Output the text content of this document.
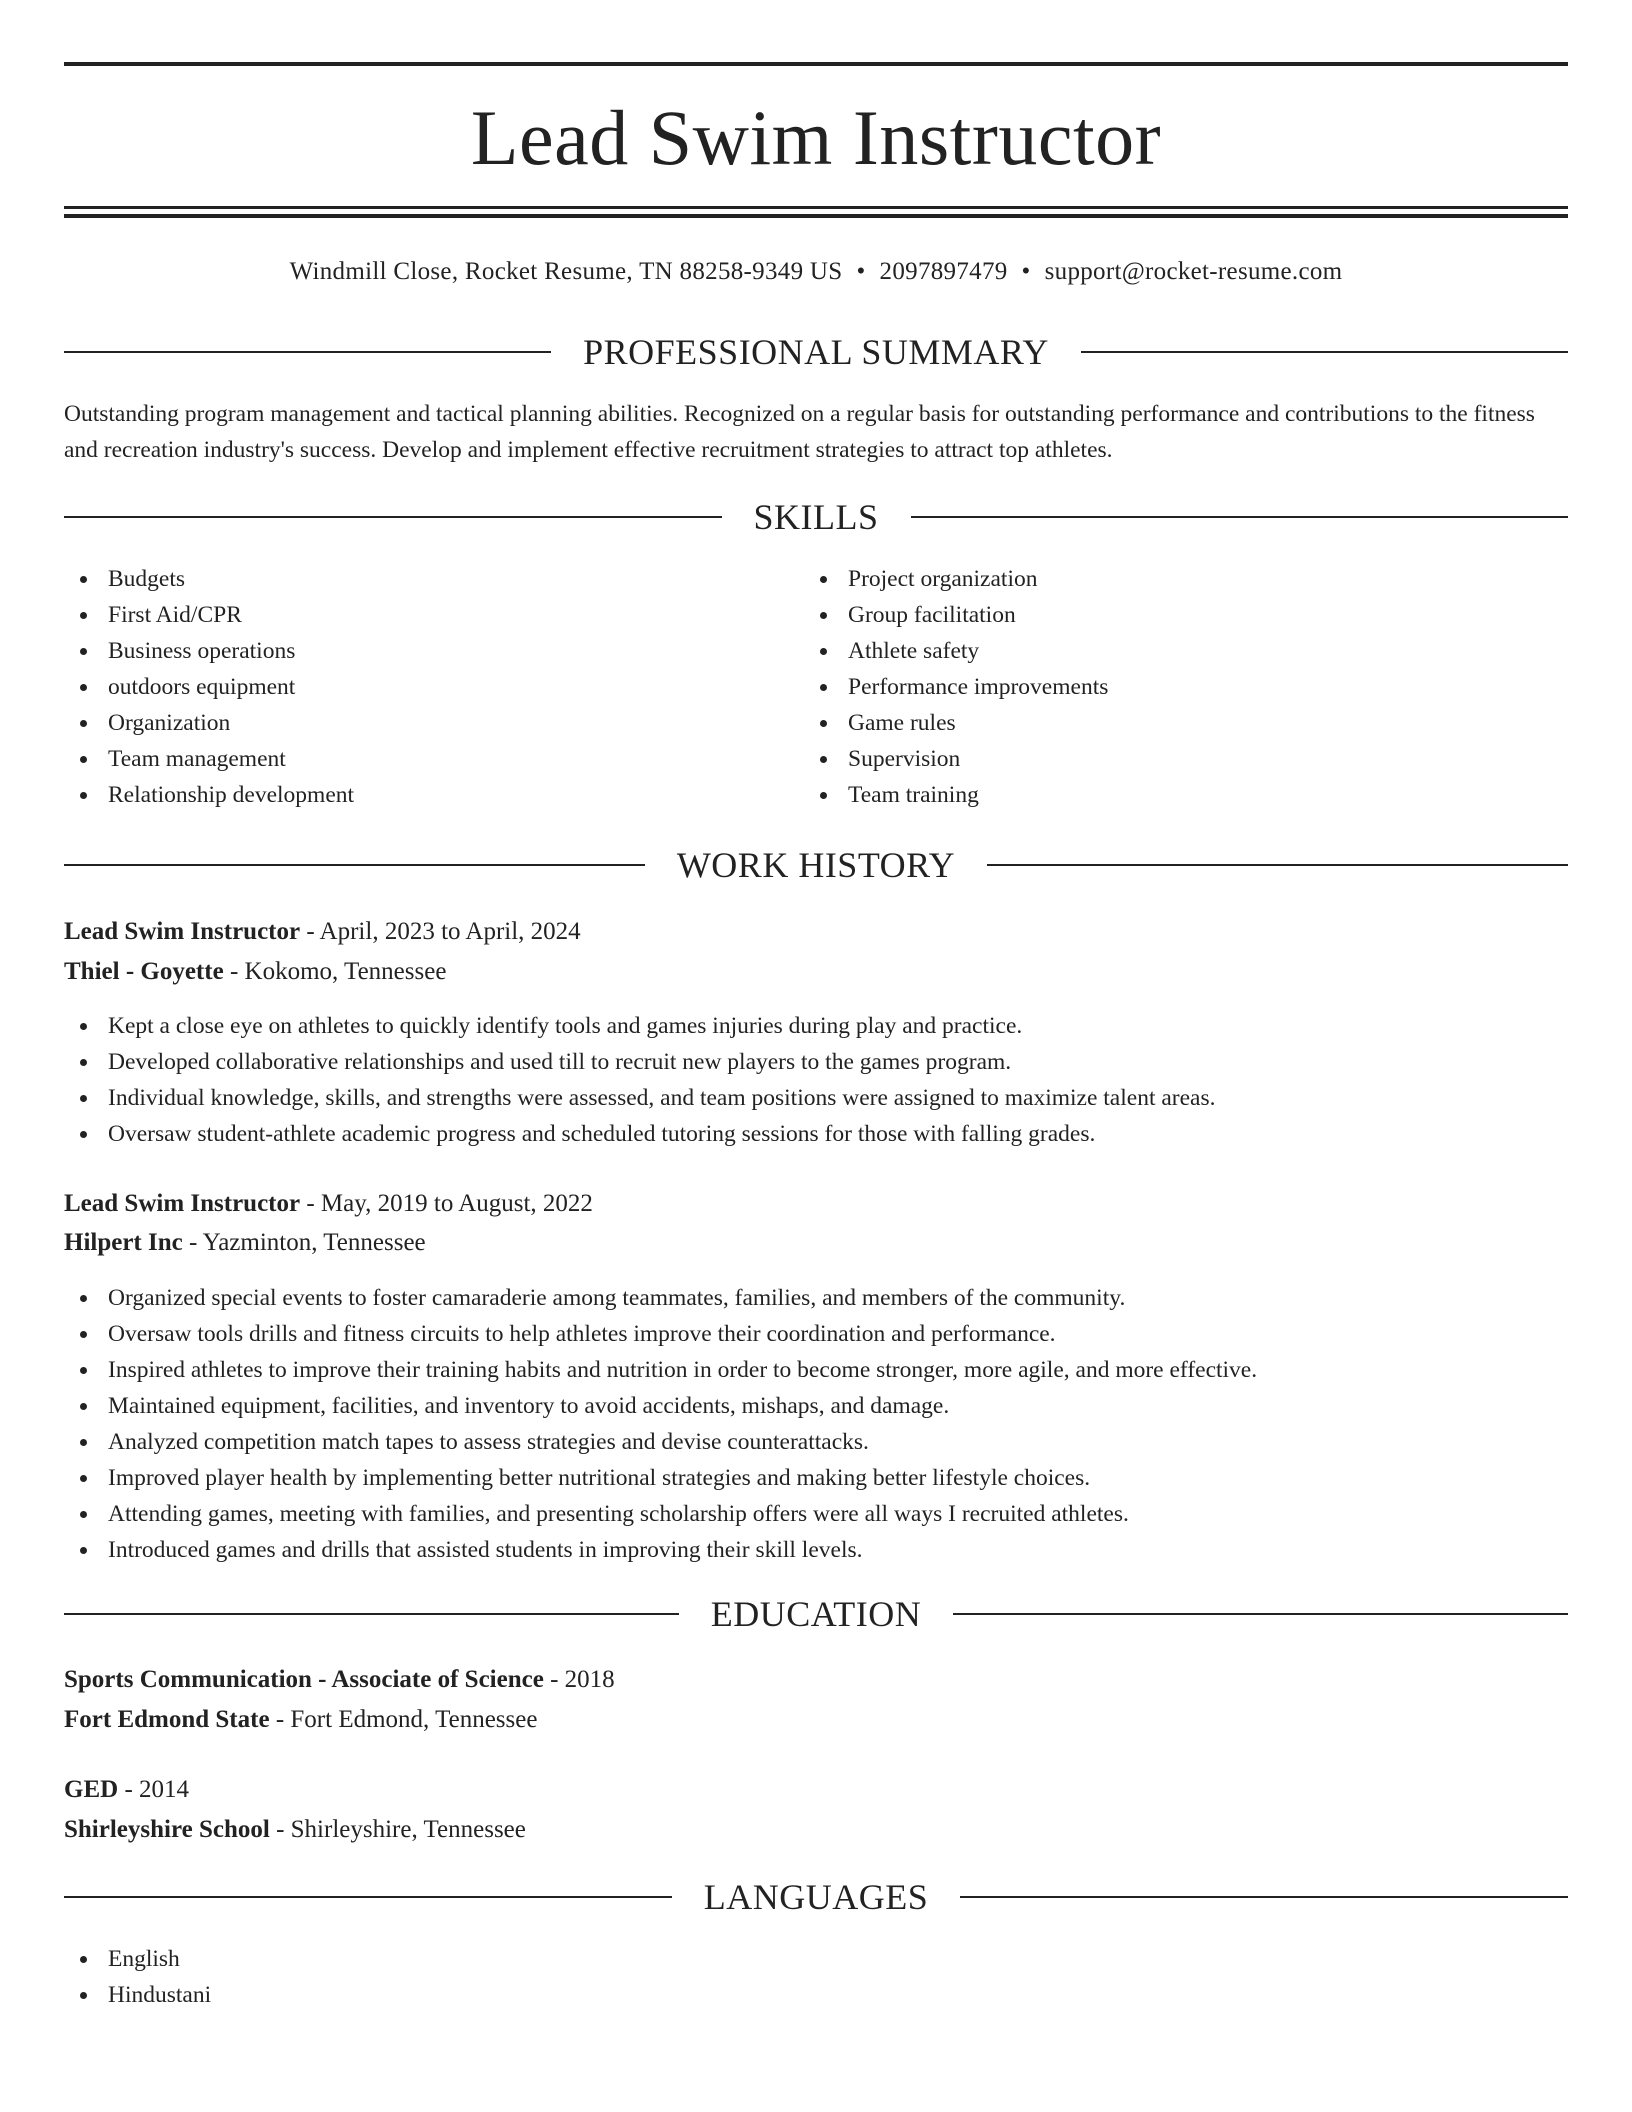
Lead Swim Instructor
Windmill Close, Rocket Resume, TN 88258-9349 US • 2097897479 • support@rocket-resume.com
PROFESSIONAL SUMMARY
Outstanding program management and tactical planning abilities. Recognized on a regular basis for outstanding performance and contributions to the fitness and recreation industry's success. Develop and implement effective recruitment strategies to attract top athletes.
SKILLS
Budgets
First Aid/CPR
Business operations
outdoors equipment
Organization
Team management
Relationship development
Project organization
Group facilitation
Athlete safety
Performance improvements
Game rules
Supervision
Team training
WORK HISTORY
Lead Swim Instructor - April, 2023 to April, 2024
Thiel - Goyette - Kokomo, Tennessee
Kept a close eye on athletes to quickly identify tools and games injuries during play and practice.
Developed collaborative relationships and used till to recruit new players to the games program.
Individual knowledge, skills, and strengths were assessed, and team positions were assigned to maximize talent areas.
Oversaw student-athlete academic progress and scheduled tutoring sessions for those with falling grades.
Lead Swim Instructor - May, 2019 to August, 2022
Hilpert Inc - Yazminton, Tennessee
Organized special events to foster camaraderie among teammates, families, and members of the community.
Oversaw tools drills and fitness circuits to help athletes improve their coordination and performance.
Inspired athletes to improve their training habits and nutrition in order to become stronger, more agile, and more effective.
Maintained equipment, facilities, and inventory to avoid accidents, mishaps, and damage.
Analyzed competition match tapes to assess strategies and devise counterattacks.
Improved player health by implementing better nutritional strategies and making better lifestyle choices.
Attending games, meeting with families, and presenting scholarship offers were all ways I recruited athletes.
Introduced games and drills that assisted students in improving their skill levels.
EDUCATION
Sports Communication - Associate of Science - 2018
Fort Edmond State - Fort Edmond, Tennessee
GED - 2014
Shirleyshire School - Shirleyshire, Tennessee
LANGUAGES
English
Hindustani
